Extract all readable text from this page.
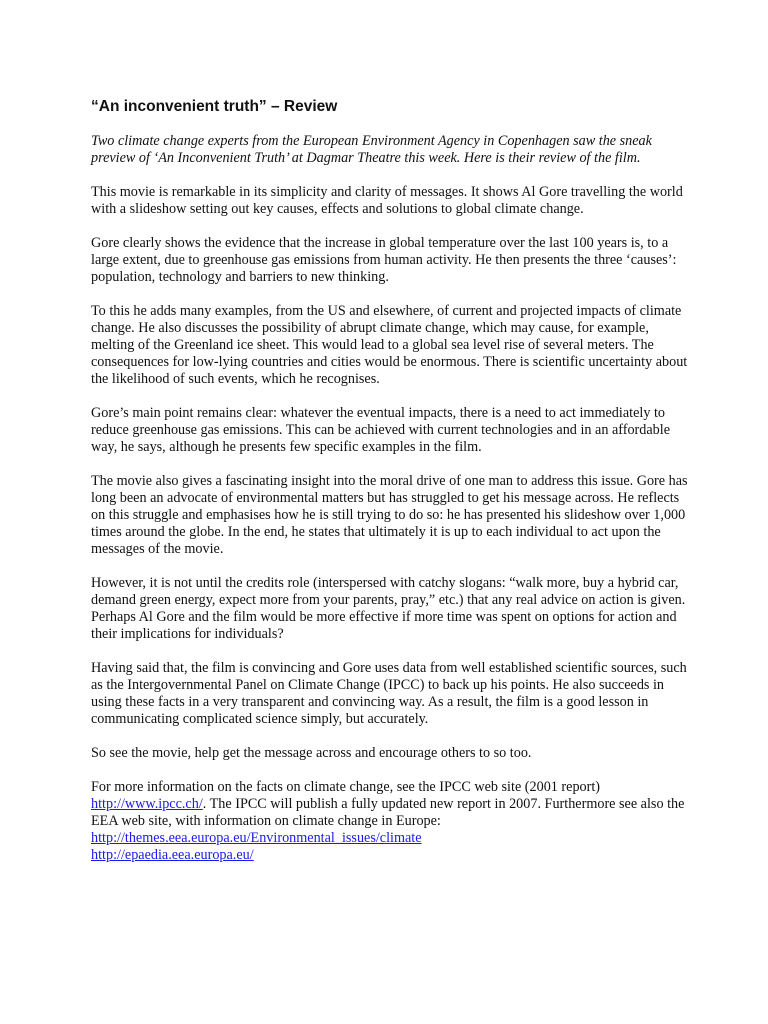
“An inconvenient truth” – Review

Two climate change experts from the European Environment Agency in Copenhagen saw the sneak preview of ‘An Inconvenient Truth’ at Dagmar Theatre this week. Here is their review of the film.

This movie is remarkable in its simplicity and clarity of messages. It shows Al Gore travelling the world with a slideshow setting out key causes, effects and solutions to global climate change.

Gore clearly shows the evidence that the increase in global temperature over the last 100 years is, to a large extent, due to greenhouse gas emissions from human activity. He then presents the three ‘causes’: population, technology and barriers to new thinking.

To this he adds many examples, from the US and elsewhere, of current and projected impacts of climate change. He also discusses the possibility of abrupt climate change, which may cause, for example, melting of the Greenland ice sheet. This would lead to a global sea level rise of several meters. The consequences for low-lying countries and cities would be enormous. There is scientific uncertainty about the likelihood of such events, which he recognises.

Gore’s main point remains clear: whatever the eventual impacts, there is a need to act immediately to reduce greenhouse gas emissions. This can be achieved with current technologies and in an affordable way, he says, although he presents few specific examples in the film.

The movie also gives a fascinating insight into the moral drive of one man to address this issue. Gore has long been an advocate of environmental matters but has struggled to get his message across. He reflects on this struggle and emphasises how he is still trying to do so: he has presented his slideshow over 1,000 times around the globe. In the end, he states that ultimately it is up to each individual to act upon the messages of the movie.

However, it is not until the credits role (interspersed with catchy slogans: “walk more, buy a hybrid car, demand green energy, expect more from your parents, pray,” etc.) that any real advice on action is given. Perhaps Al Gore and the film would be more effective if more time was spent on options for action and their implications for individuals?

Having said that, the film is convincing and Gore uses data from well established scientific sources, such as the Intergovernmental Panel on Climate Change (IPCC) to back up his points. He also succeeds in using these facts in a very transparent and convincing way. As a result, the film is a good lesson in communicating complicated science simply, but accurately.

So see the movie, help get the message across and encourage others to so too.

For more information on the facts on climate change, see the IPCC web site (2001 report)
http://www.ipcc.ch/. The IPCC will publish a fully updated new report in 2007. Furthermore see also the EEA web site, with information on climate change in Europe:
http://themes.eea.europa.eu/Environmental_issues/climate
http://epaedia.eea.europa.eu/
